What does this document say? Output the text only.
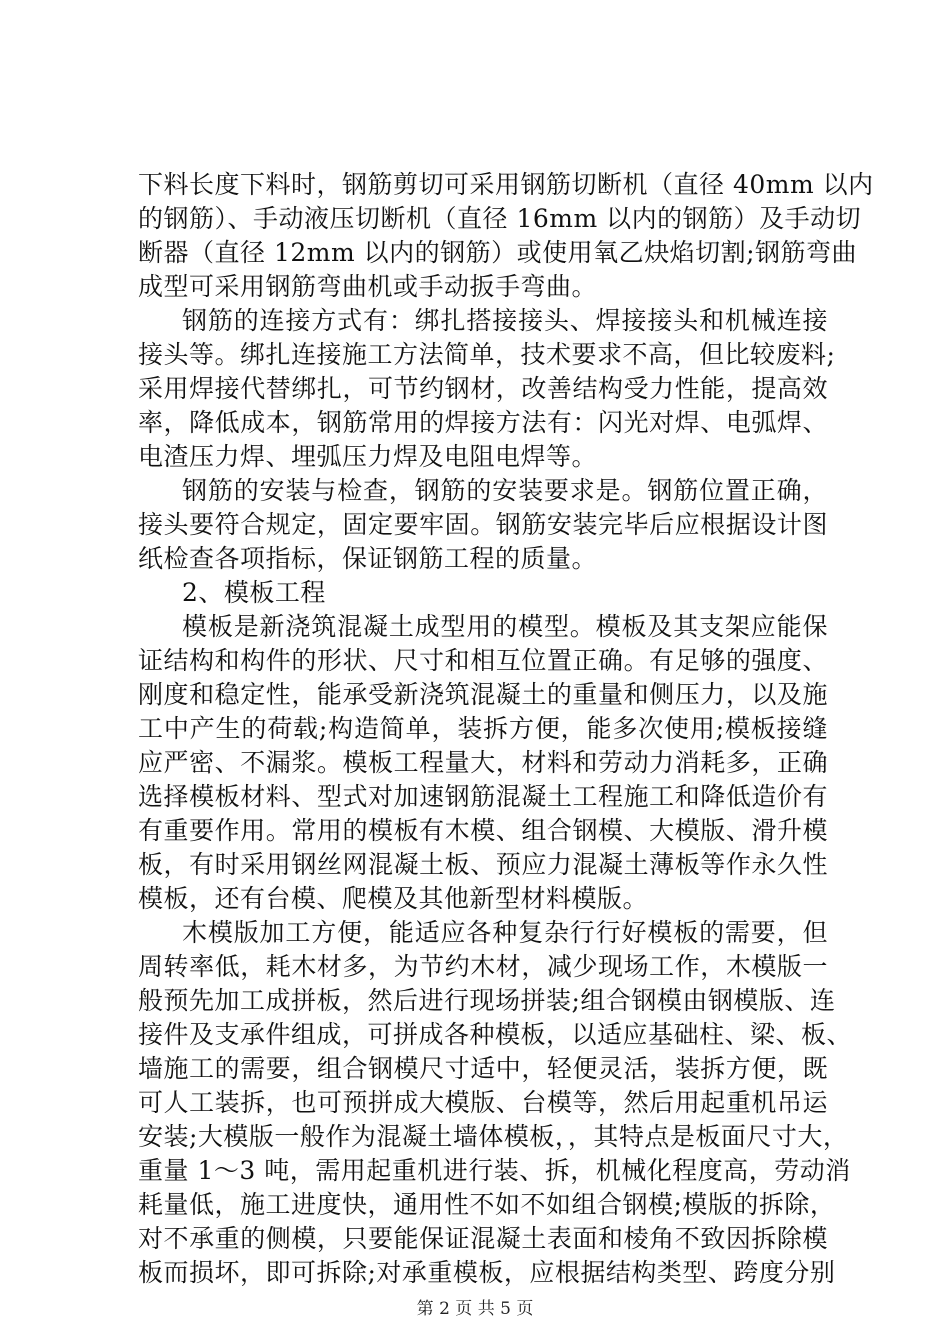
下料长度下料时，钢筋剪切可采用钢筋切断机（直径 40mm 以内
的钢筋）、手动液压切断机（直径 16mm 以内的钢筋）及手动切
断器（直径 12mm 以内的钢筋）或使用氧乙炔焰切割;钢筋弯曲
成型可采用钢筋弯曲机或手动扳手弯曲。
钢筋的连接方式有：绑扎搭接接头、焊接接头和机械连接
接头等。绑扎连接施工方法简单，技术要求不高，但比较废料;
采用焊接代替绑扎，可节约钢材，改善结构受力性能，提高效
率，降低成本，钢筋常用的焊接方法有：闪光对焊、电弧焊、
电渣压力焊、埋弧压力焊及电阻电焊等。
钢筋的安装与检查，钢筋的安装要求是。钢筋位置正确，
接头要符合规定，固定要牢固。钢筋安装完毕后应根据设计图
纸检查各项指标，保证钢筋工程的质量。
2、模板工程
模板是新浇筑混凝土成型用的模型。模板及其支架应能保
证结构和构件的形状、尺寸和相互位置正确。有足够的强度、
刚度和稳定性，能承受新浇筑混凝土的重量和侧压力，以及施
工中产生的荷载;构造简单，装拆方便，能多次使用;模板接缝
应严密、不漏浆。模板工程量大，材料和劳动力消耗多，正确
选择模板材料、型式对加速钢筋混凝土工程施工和降低造价有
有重要作用。常用的模板有木模、组合钢模、大模版、滑升模
板，有时采用钢丝网混凝土板、预应力混凝土薄板等作永久性
模板，还有台模、爬模及其他新型材料模版。
木模版加工方便，能适应各种复杂行行好模板的需要，但
周转率低，耗木材多，为节约木材，减少现场工作，木模版一
般预先加工成拼板，然后进行现场拼装;组合钢模由钢模版、连
接件及支承件组成，可拼成各种模板，以适应基础柱、梁、板、
墙施工的需要，组合钢模尺寸适中，轻便灵活，装拆方便，既
可人工装拆，也可预拼成大模版、台模等，然后用起重机吊运
安装;大模版一般作为混凝土墙体模板，，其特点是板面尺寸大，
重量 1～3 吨，需用起重机进行装、拆，机械化程度高，劳动消
耗量低，施工进度快，通用性不如不如组合钢模;模版的拆除，
对不承重的侧模，只要能保证混凝土表面和棱角不致因拆除模
板而损坏，即可拆除;对承重模板，应根据结构类型、跨度分别
第 2 页 共 5 页
